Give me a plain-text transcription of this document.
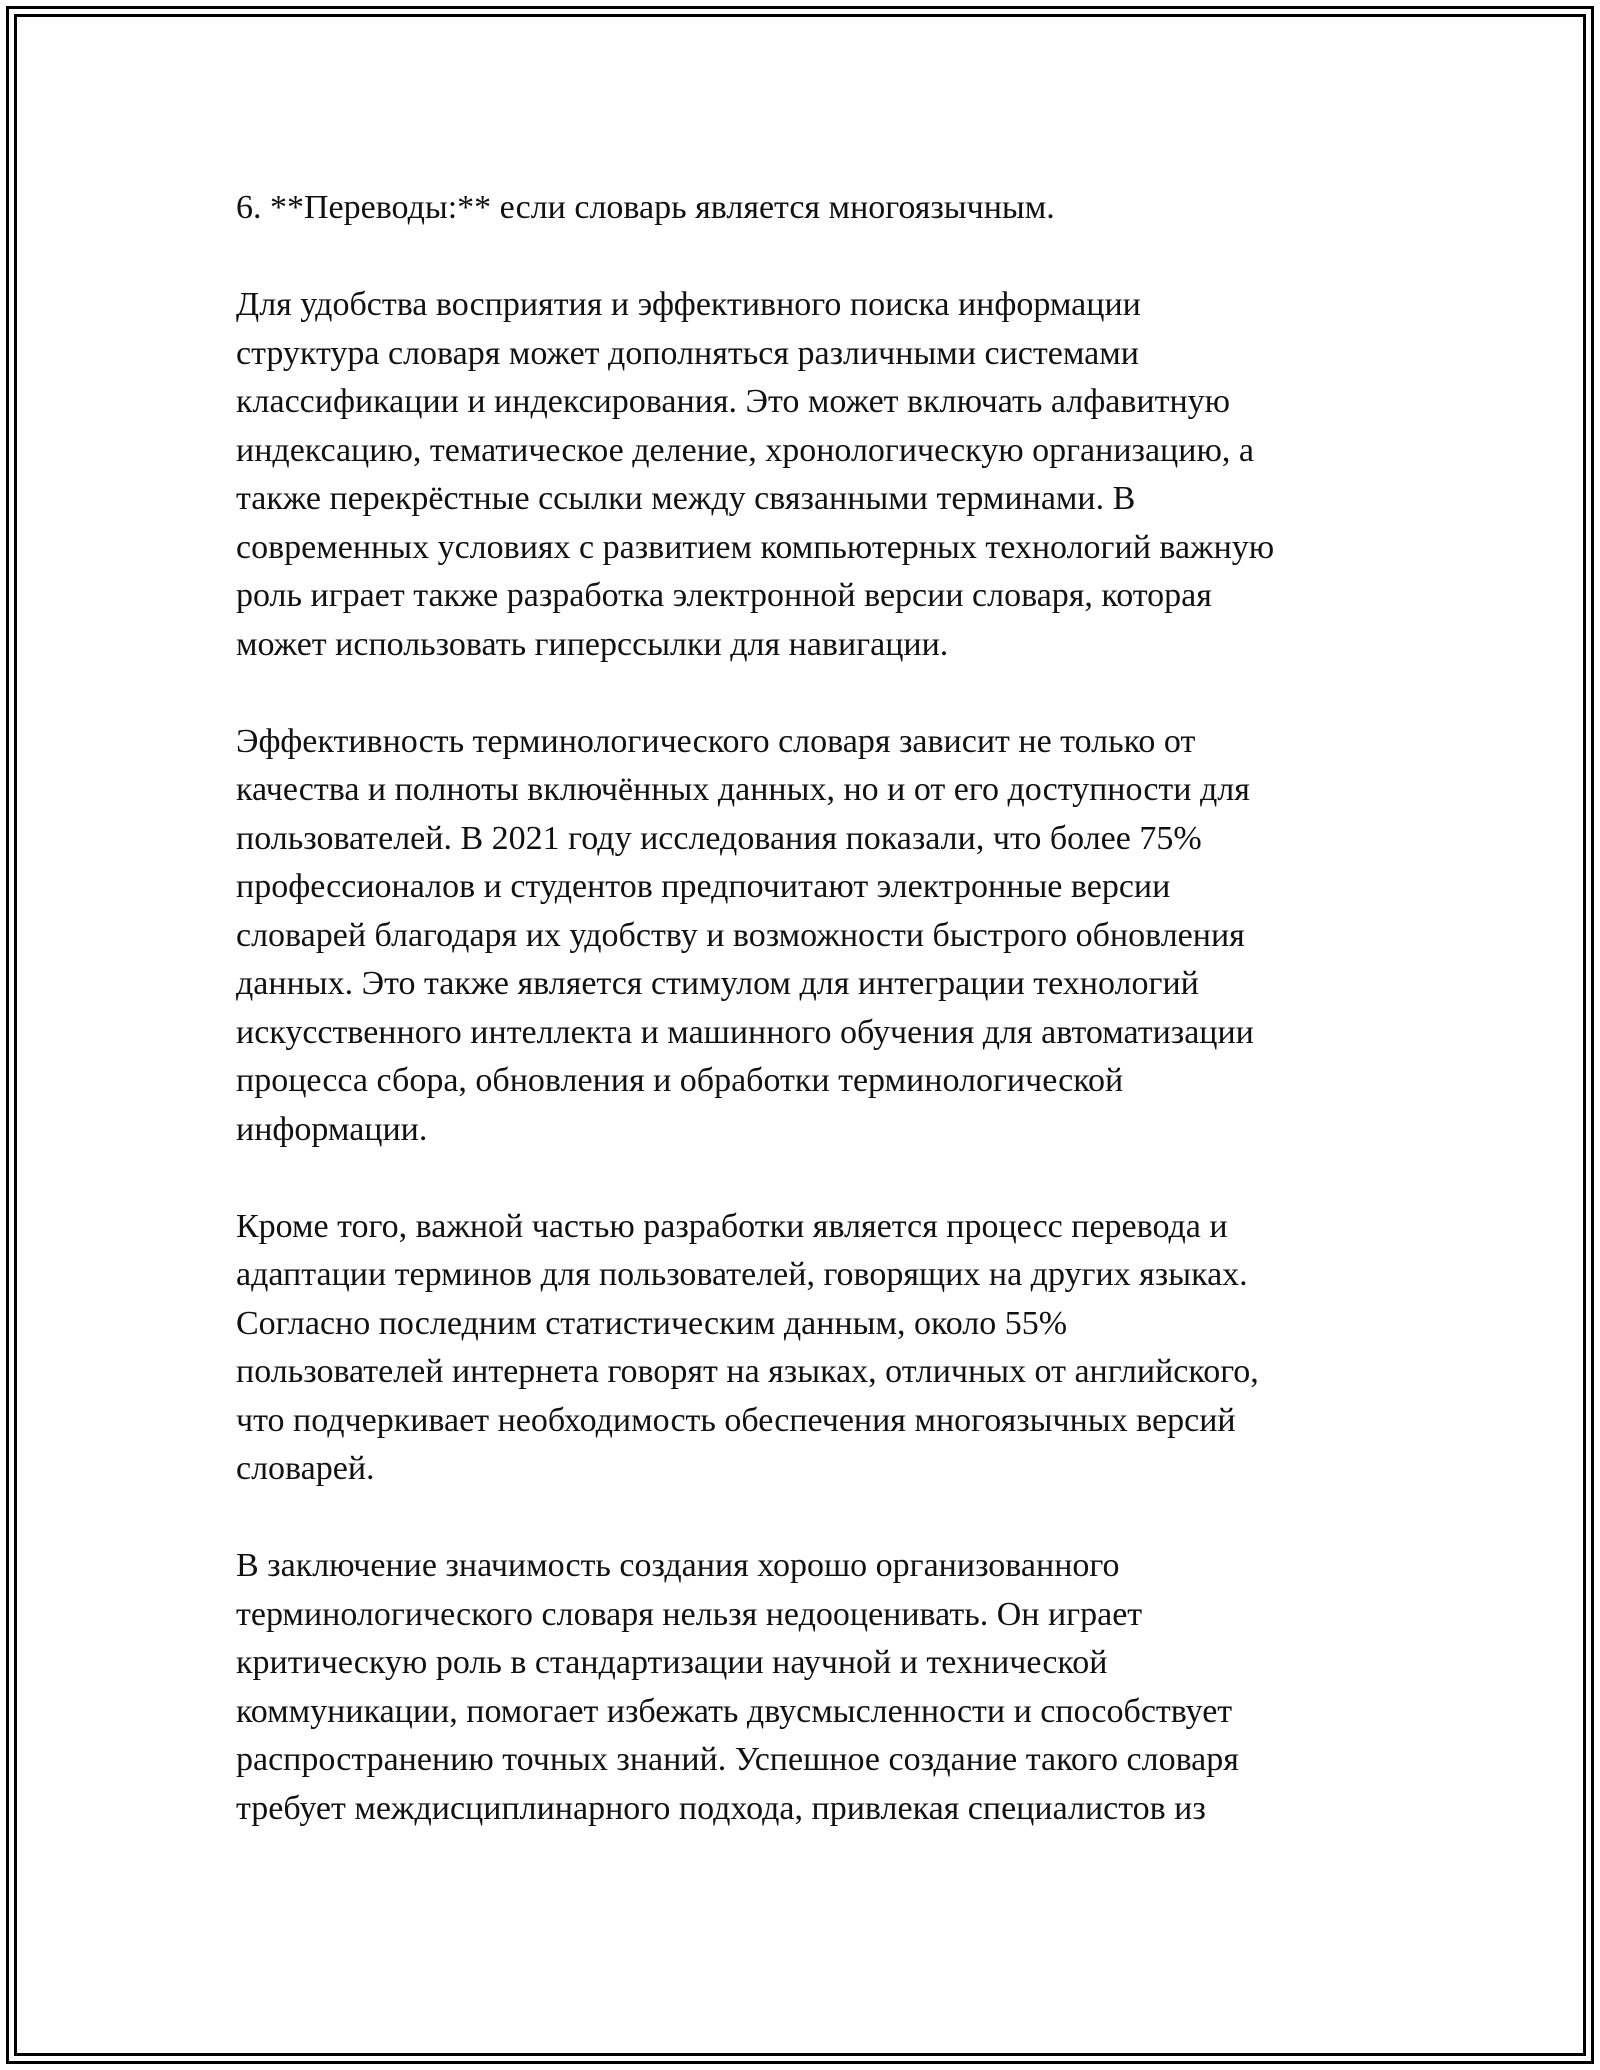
6. **Переводы:** если словарь является многоязычным.

Для удобства восприятия и эффективного поиска информации
структура словаря может дополняться различными системами
классификации и индексирования. Это может включать алфавитную
индексацию, тематическое деление, хронологическую организацию, а
также перекрёстные ссылки между связанными терминами. В
современных условиях с развитием компьютерных технологий важную
роль играет также разработка электронной версии словаря, которая
может использовать гиперссылки для навигации.

Эффективность терминологического словаря зависит не только от
качества и полноты включённых данных, но и от его доступности для
пользователей. В 2021 году исследования показали, что более 75%
профессионалов и студентов предпочитают электронные версии
словарей благодаря их удобству и возможности быстрого обновления
данных. Это также является стимулом для интеграции технологий
искусственного интеллекта и машинного обучения для автоматизации
процесса сбора, обновления и обработки терминологической
информации.

Кроме того, важной частью разработки является процесс перевода и
адаптации терминов для пользователей, говорящих на других языках.
Согласно последним статистическим данным, около 55%
пользователей интернета говорят на языках, отличных от английского,
что подчеркивает необходимость обеспечения многоязычных версий
словарей.

В заключение значимость создания хорошо организованного
терминологического словаря нельзя недооценивать. Он играет
критическую роль в стандартизации научной и технической
коммуникации, помогает избежать двусмысленности и способствует
распространению точных знаний. Успешное создание такого словаря
требует междисциплинарного подхода, привлекая специалистов из
